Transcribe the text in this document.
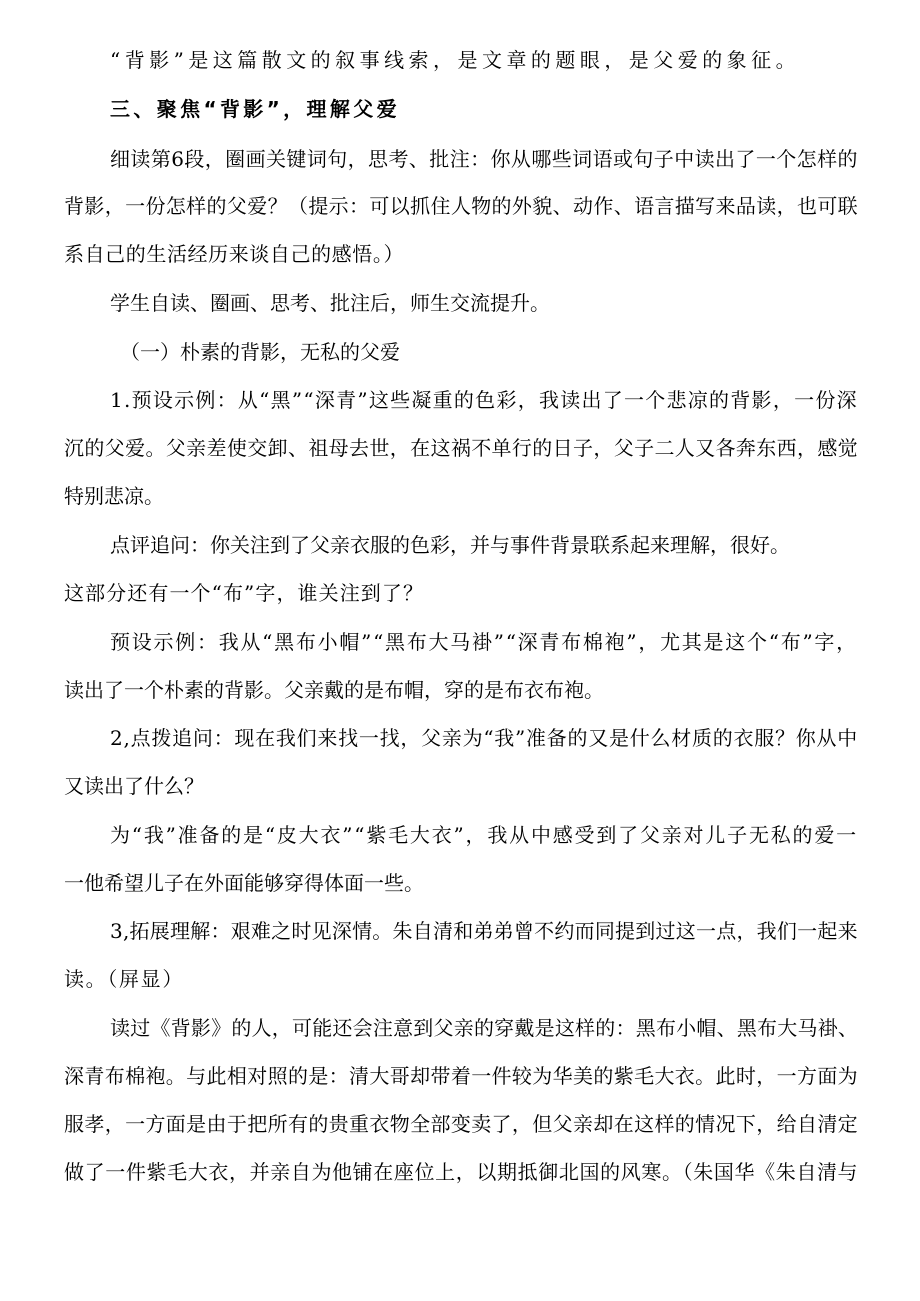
“背影”是这篇散文的叙事线索，是文章的题眼，是父爱的象征。
三、聚焦“背影”，理解父爱
细读第6段，圈画关键词句，思考、批注：你从哪些词语或句子中读出了一个怎样的
背影，一份怎样的父爱？（提示：可以抓住人物的外貌、动作、语言描写来品读，也可联
系自己的生活经历来谈自己的感悟。）
学生自读、圈画、思考、批注后，师生交流提升。
（一）朴素的背影，无私的父爱
1.预设示例：从“黑”“深青”这些凝重的色彩，我读出了一个悲凉的背影，一份深
沉的父爱。父亲差使交卸、祖母去世，在这祸不单行的日子，父子二人又各奔东西，感觉
特别悲凉。
点评追问：你关注到了父亲衣服的色彩，并与事件背景联系起来理解，很好。
这部分还有一个“布”字，谁关注到了？
预设示例：我从“黑布小帽”“黑布大马褂”“深青布棉袍”，尤其是这个“布”字，
读出了一个朴素的背影。父亲戴的是布帽，穿的是布衣布袍。
2,点拨追问：现在我们来找一找，父亲为“我”准备的又是什么材质的衣服？你从中
又读出了什么？
为“我”准备的是“皮大衣”“紫毛大衣”，我从中感受到了父亲对儿子无私的爱一
一他希望儿子在外面能够穿得体面一些。
3,拓展理解：艰难之时见深情。朱自清和弟弟曾不约而同提到过这一点，我们一起来
读。（屏显）
读过《背影》的人，可能还会注意到父亲的穿戴是这样的：黑布小帽、黑布大马褂、
深青布棉袍。与此相对照的是：清大哥却带着一件较为华美的紫毛大衣。此时，一方面为
服孝，一方面是由于把所有的贵重衣物全部变卖了，但父亲却在这样的情况下，给自清定
做了一件紫毛大衣，并亲自为他铺在座位上，以期抵御北国的风寒。（朱国华《朱自清与
